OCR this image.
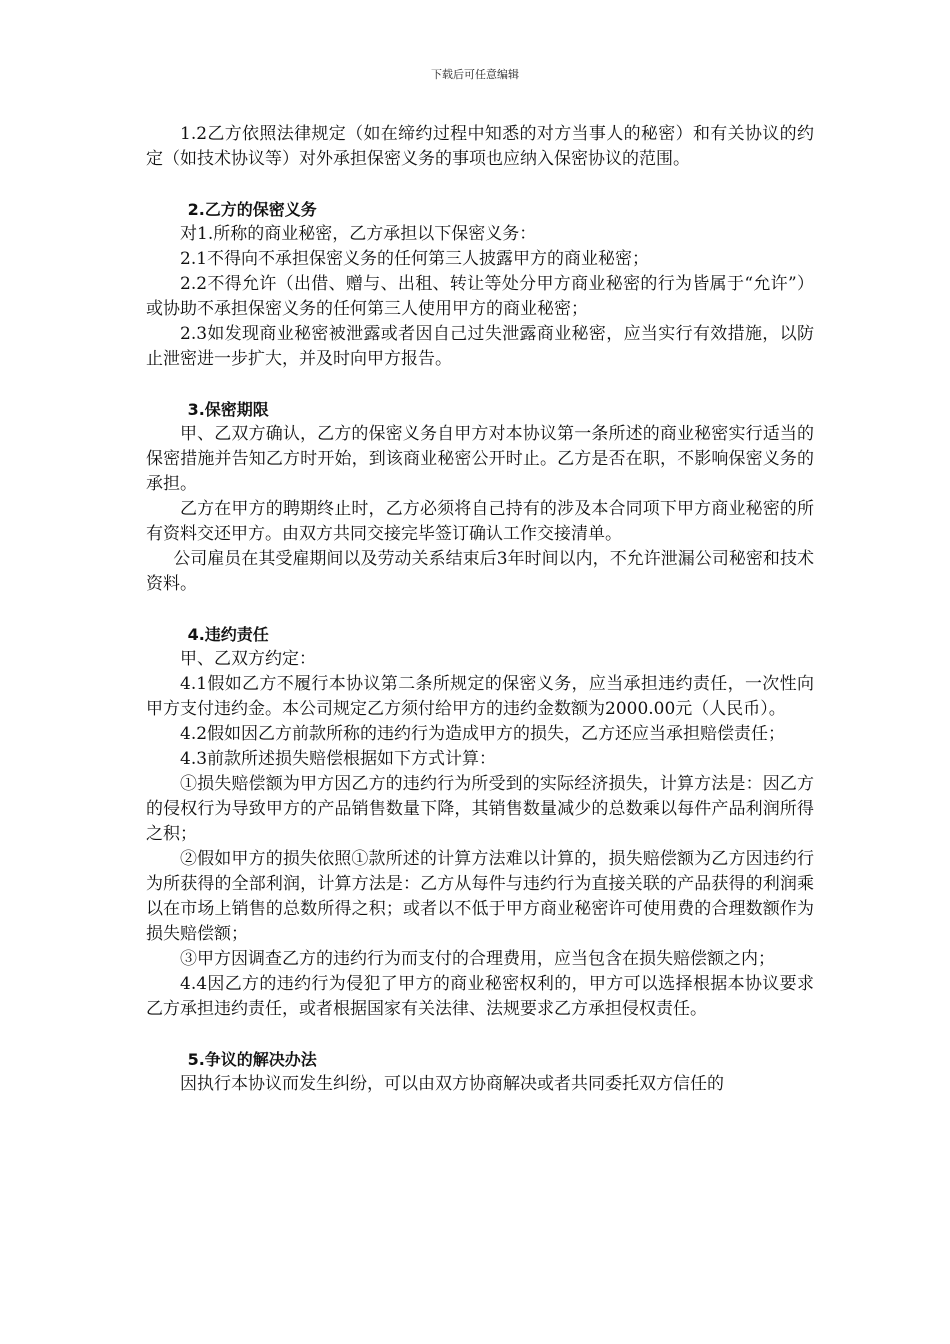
下载后可任意编辑

1.2乙方依照法律规定（如在缔约过程中知悉的对方当事人的秘密）和有关协议的约定（如技术协议等）对外承担保密义务的事项也应纳入保密协议的范围。

2.乙方的保密义务

对1.所称的商业秘密，乙方承担以下保密义务：

2.1不得向不承担保密义务的任何第三人披露甲方的商业秘密；

2.2不得允许（出借、赠与、出租、转让等处分甲方商业秘密的行为皆属于“允许”）或协助不承担保密义务的任何第三人使用甲方的商业秘密；

2.3如发现商业秘密被泄露或者因自己过失泄露商业秘密，应当实行有效措施，以防止泄密进一步扩大，并及时向甲方报告。

3.保密期限

甲、乙双方确认，乙方的保密义务自甲方对本协议第一条所述的商业秘密实行适当的保密措施并告知乙方时开始，到该商业秘密公开时止。乙方是否在职，不影响保密义务的承担。

乙方在甲方的聘期终止时，乙方必须将自己持有的涉及本合同项下甲方商业秘密的所有资料交还甲方。由双方共同交接完毕签订确认工作交接清单。

公司雇员在其受雇期间以及劳动关系结束后3年时间以内，不允许泄漏公司秘密和技术资料。

4.违约责任

甲、乙双方约定：

4.1假如乙方不履行本协议第二条所规定的保密义务，应当承担违约责任，一次性向甲方支付违约金。本公司规定乙方须付给甲方的违约金数额为2000.00元（人民币）。

4.2假如因乙方前款所称的违约行为造成甲方的损失，乙方还应当承担赔偿责任；

4.3前款所述损失赔偿根据如下方式计算：

①损失赔偿额为甲方因乙方的违约行为所受到的实际经济损失，计算方法是：因乙方的侵权行为导致甲方的产品销售数量下降，其销售数量减少的总数乘以每件产品利润所得之积；

②假如甲方的损失依照①款所述的计算方法难以计算的，损失赔偿额为乙方因违约行为所获得的全部利润，计算方法是：乙方从每件与违约行为直接关联的产品获得的利润乘以在市场上销售的总数所得之积；或者以不低于甲方商业秘密许可使用费的合理数额作为损失赔偿额；

③甲方因调查乙方的违约行为而支付的合理费用，应当包含在损失赔偿额之内；

4.4因乙方的违约行为侵犯了甲方的商业秘密权利的，甲方可以选择根据本协议要求乙方承担违约责任，或者根据国家有关法律、法规要求乙方承担侵权责任。

5.争议的解决办法

因执行本协议而发生纠纷，可以由双方协商解决或者共同委托双方信任的
